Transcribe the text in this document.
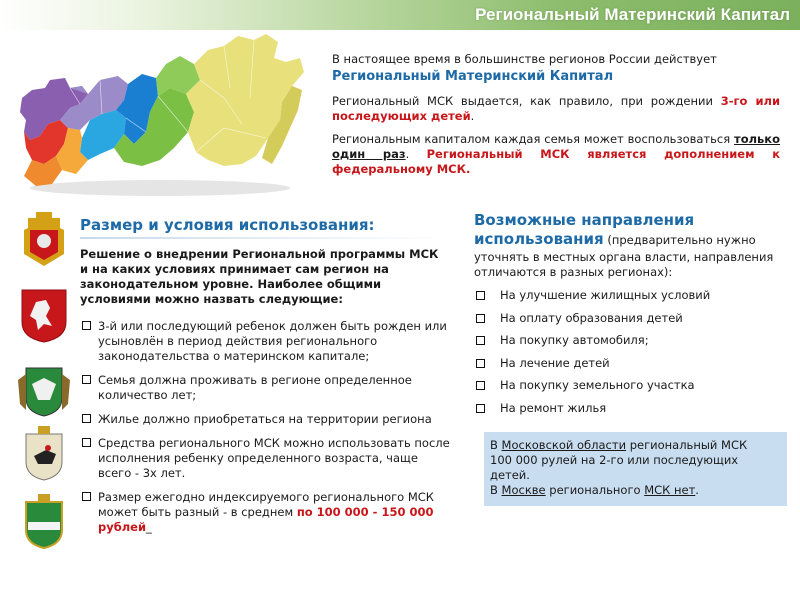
Региональный Материнский Капитал

В настоящее время в большинстве регионов России действует

Региональный Материнский Капитал

Региональный МСК выдается, как правило, при рождении 3-го или последующих детей.

Региональным капиталом каждая семья может воспользоваться только один раз. Региональный МСК является дополнением к федеральному МСК.

Размер и условия использования:

Решение о внедрении Региональной программы МСК и на каких условиях принимает сам регион на законодательном уровне. Наиболее общими условиями можно назвать следующие:

3-й или последующий ребенок должен быть рожден или усыновлён в период действия регионального законодательства о материнском капитале;
Семья должна проживать в регионе определенное количество лет;
Жилье должно приобретаться на территории региона
Средства регионального МСК можно использовать после исполнения ребенку определенного возраста, чаще всего - 3х лет.
Размер ежегодно индексируемого регионального МСК может быть разный - в среднем по 100 000 - 150 000 рублей_
Возможные направления
использования (предварительно нужно
уточнять в местных органа власти, направления
отличаются в разных регионах):
На улучшение жилищных условий
На оплату образования детей
На покупку автомобиля;
На лечение детей
На покупку земельного участка
На ремонт жилья
В Московской области региональный МСК
100 000 рулей на 2-го или последующих детей.
В Москве регионального МСК нет.
